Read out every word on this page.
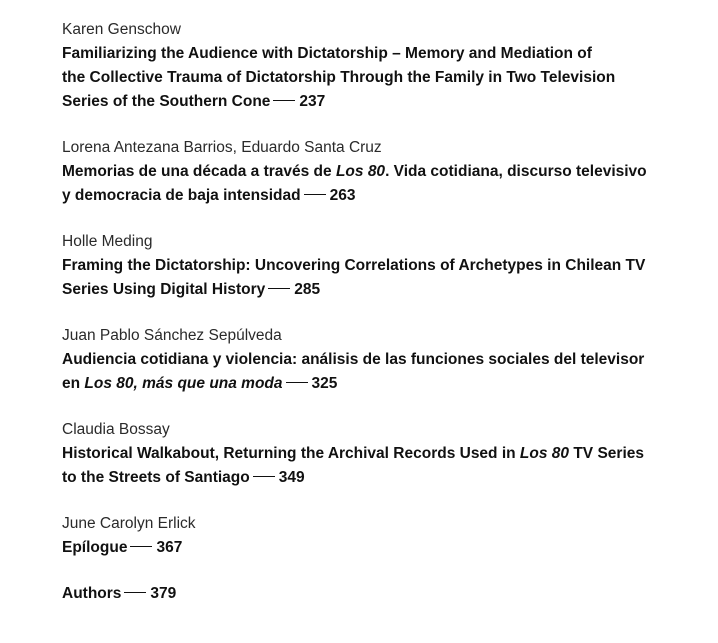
Karen Genschow
Familiarizing the Audience with Dictatorship – Memory and Mediation of
the Collective Trauma of Dictatorship Through the Family in Two Television
Series of the Southern Cone 237
Lorena Antezana Barrios, Eduardo Santa Cruz
Memorias de una década a través de Los 80. Vida cotidiana, discurso televisivo
y democracia de baja intensidad 263
Holle Meding
Framing the Dictatorship: Uncovering Correlations of Archetypes in Chilean TV
Series Using Digital History 285
Juan Pablo Sánchez Sepúlveda
Audiencia cotidiana y violencia: análisis de las funciones sociales del televisor
en Los 80, más que una moda 325
Claudia Bossay
Historical Walkabout, Returning the Archival Records Used in Los 80 TV Series
to the Streets of Santiago 349
June Carolyn Erlick
Epílogue 367
Authors 379
